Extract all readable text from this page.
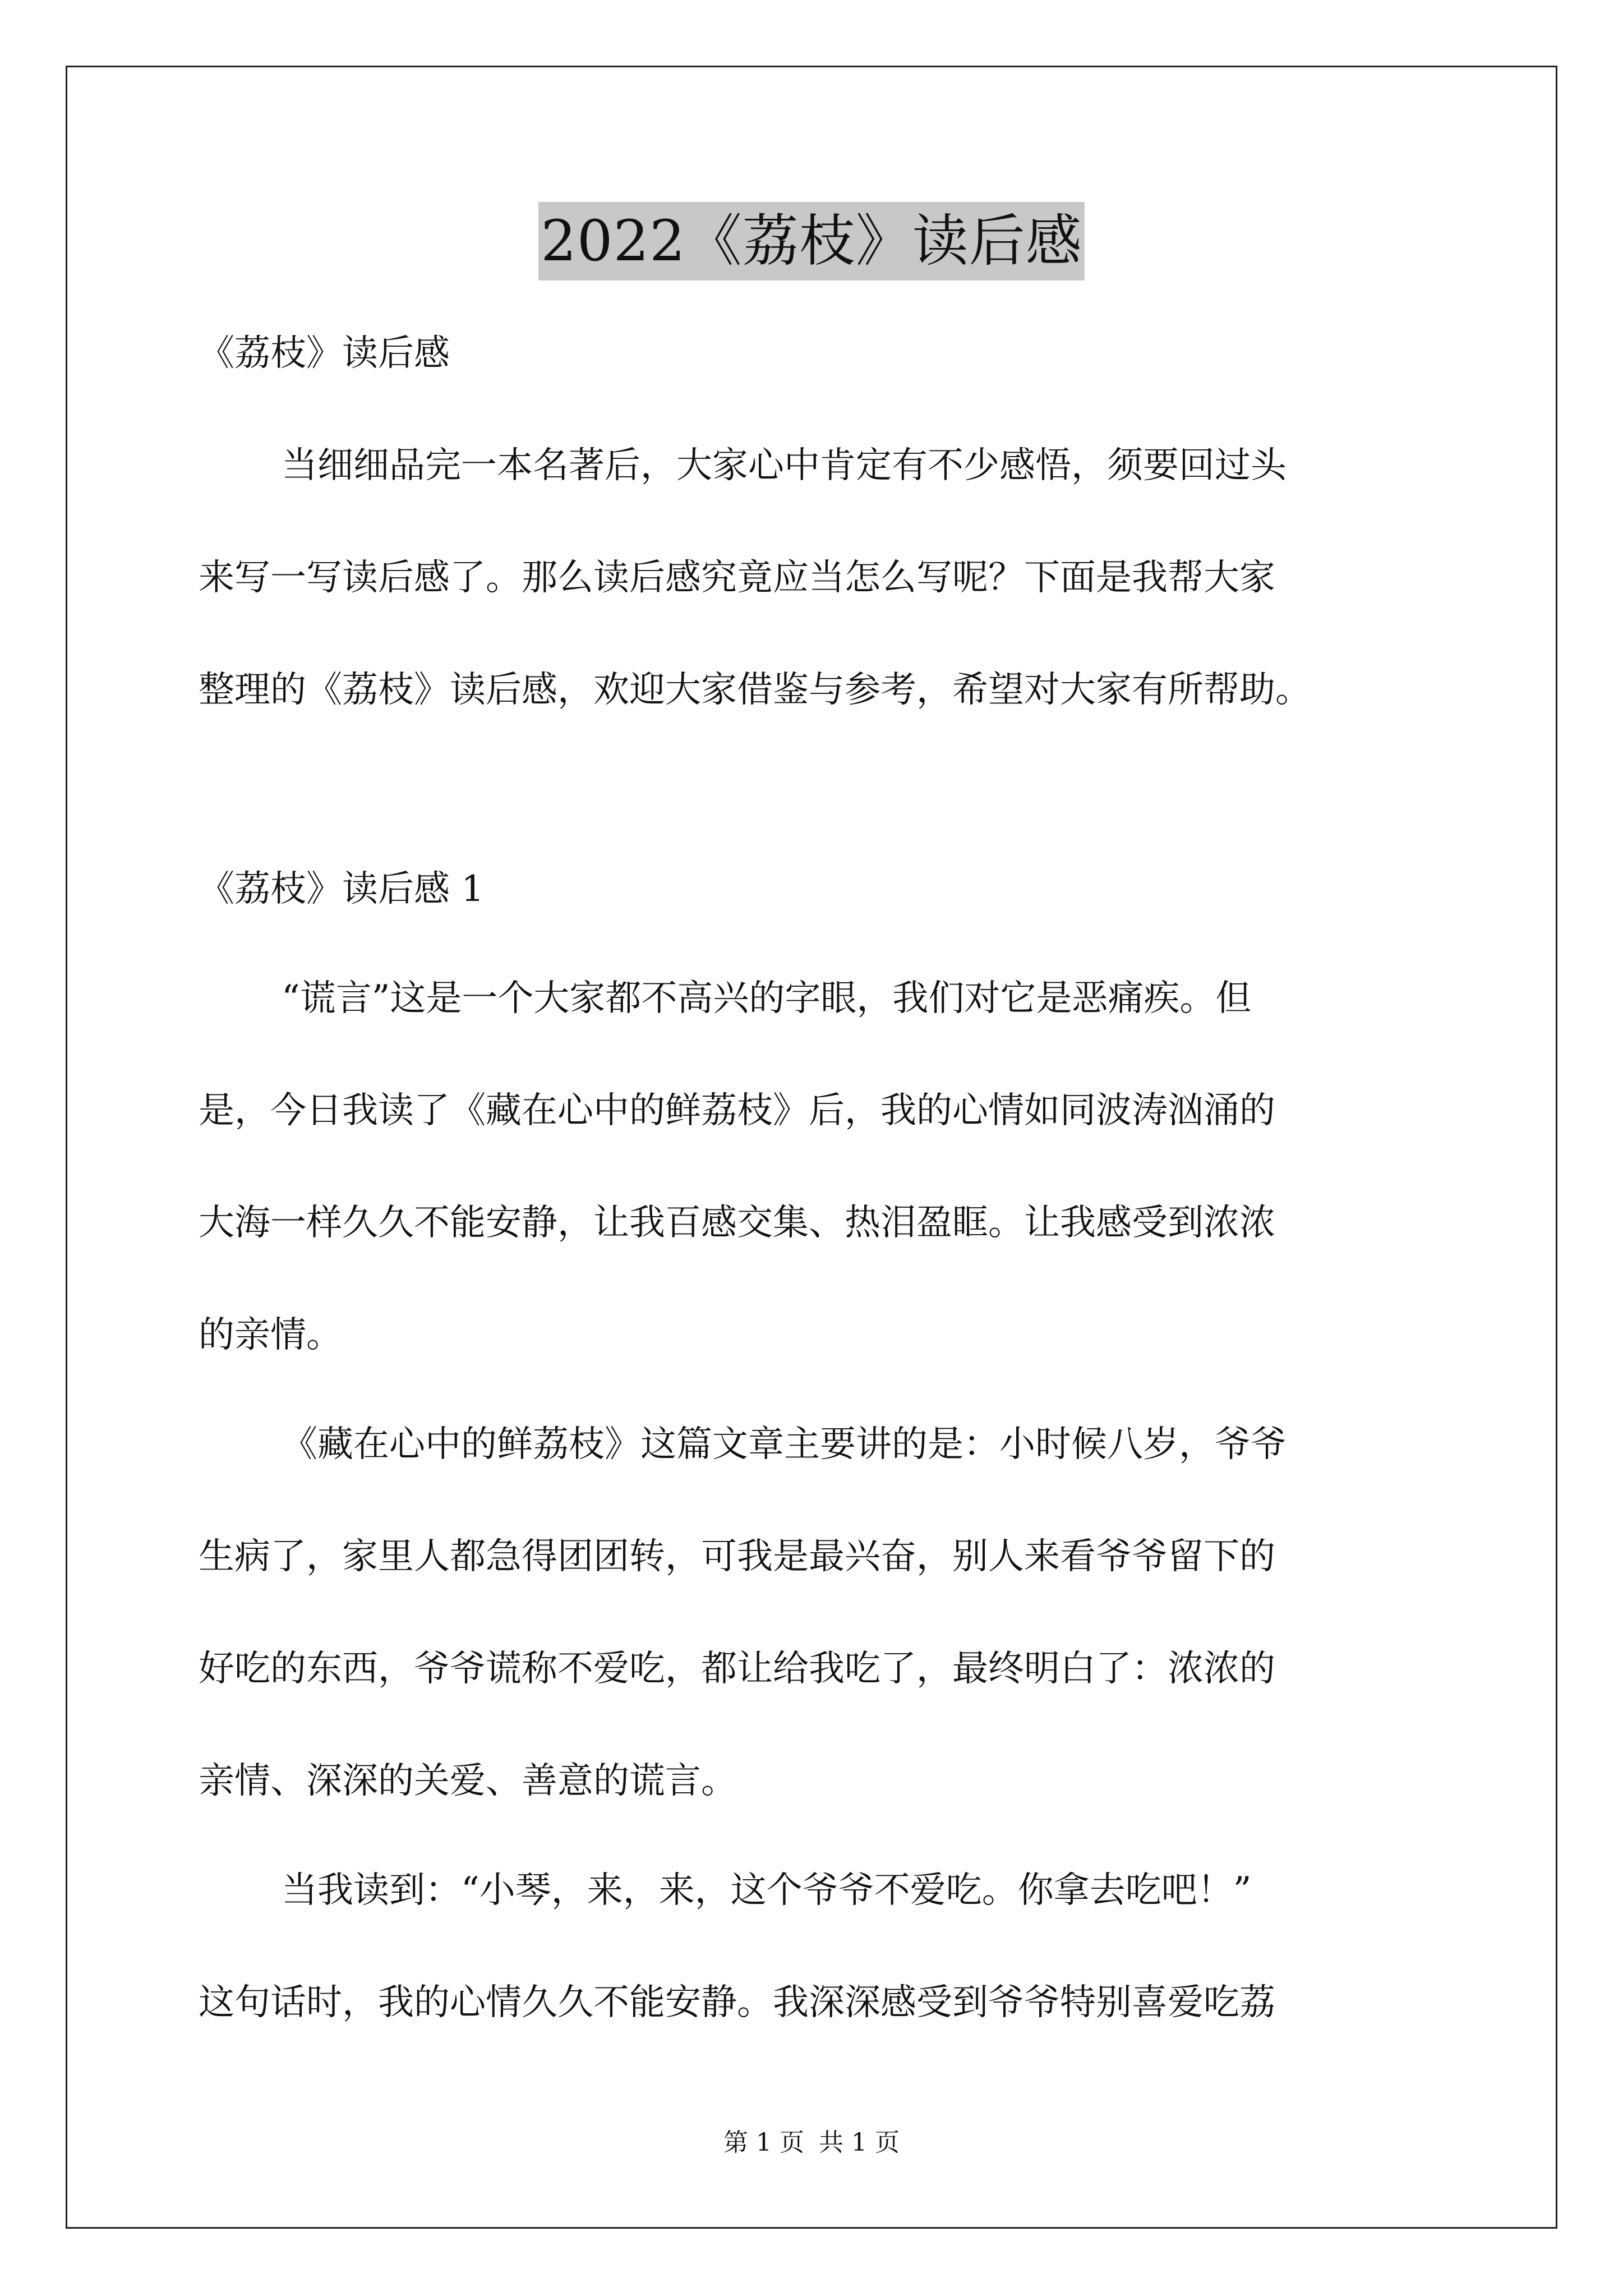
2022《荔枝》读后感
《荔枝》读后感
当细细品完一本名著后，大家心中肯定有不少感悟，须要回过头
来写一写读后感了。那么读后感究竟应当怎么写呢？下面是我帮大家
整理的《荔枝》读后感，欢迎大家借鉴与参考，希望对大家有所帮助。
《荔枝》读后感 1
“谎言”这是一个大家都不高兴的字眼，我们对它是恶痛疾。但
是，今日我读了《藏在心中的鲜荔枝》后，我的心情如同波涛汹涌的
大海一样久久不能安静，让我百感交集、热泪盈眶。让我感受到浓浓
的亲情。
《藏在心中的鲜荔枝》这篇文章主要讲的是：小时候八岁，爷爷
生病了，家里人都急得团团转，可我是最兴奋，别人来看爷爷留下的
好吃的东西，爷爷谎称不爱吃，都让给我吃了，最终明白了：浓浓的
亲情、深深的关爱、善意的谎言。
当我读到：“小琴，来，来，这个爷爷不爱吃。你拿去吃吧！”
这句话时，我的心情久久不能安静。我深深感受到爷爷特别喜爱吃荔
第 1 页 共 1 页
